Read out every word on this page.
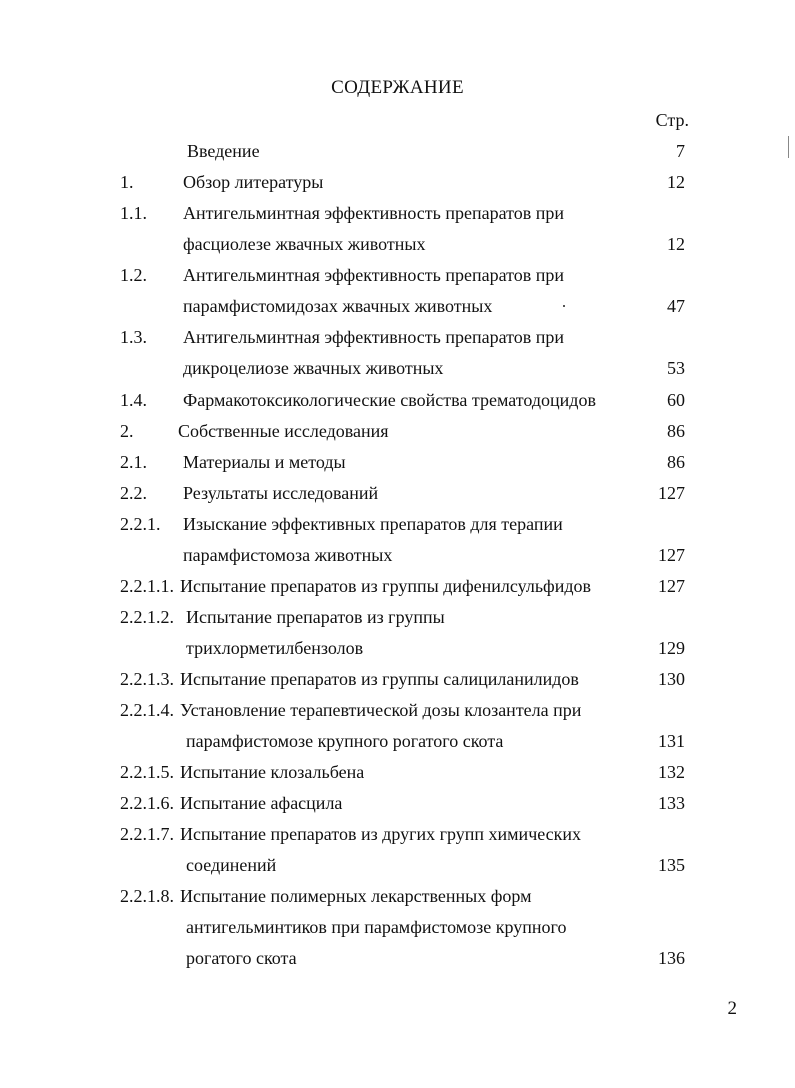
СОДЕРЖАНИЕ
Стр.
Введение	7
1.	Обзор литературы	12
1.1. Антигельминтная эффективность препаратов при
фасциолезе жвачных животных	12
1.2. Антигельминтная эффективность препаратов при
парамфистомидозах жвачных животных	47
1.3. Антигельминтная эффективность препаратов при
дикроцелиозе жвачных животных	53
1.4. Фармакотоксикологические свойства трематодоцидов	60
2. Собственные исследования	86
2.1. Материалы и методы	86
2.2. Результаты исследований	127
2.2.1. Изыскание эффективных препаратов для терапии
парамфистомоза животных	127
2.2.1.1. Испытание препаратов из группы дифенилсульфидов	127
2.2.1.2. Испытание препаратов из группы
трихлорметилбензолов	129
2.2.1.3. Испытание препаратов из группы салициланилидов	130
2.2.1.4. Установление терапевтической дозы клозантела при
парамфистомозе крупного рогатого скота	131
2.2.1.5. Испытание клозальбена	132
2.2.1.6. Испытание афасцила	133
2.2.1.7. Испытание препаратов из других групп химических
соединений	135
2.2.1.8. Испытание полимерных лекарственных форм
антигельминтиков при парамфистомозе крупного
рогатого скота	136
2
